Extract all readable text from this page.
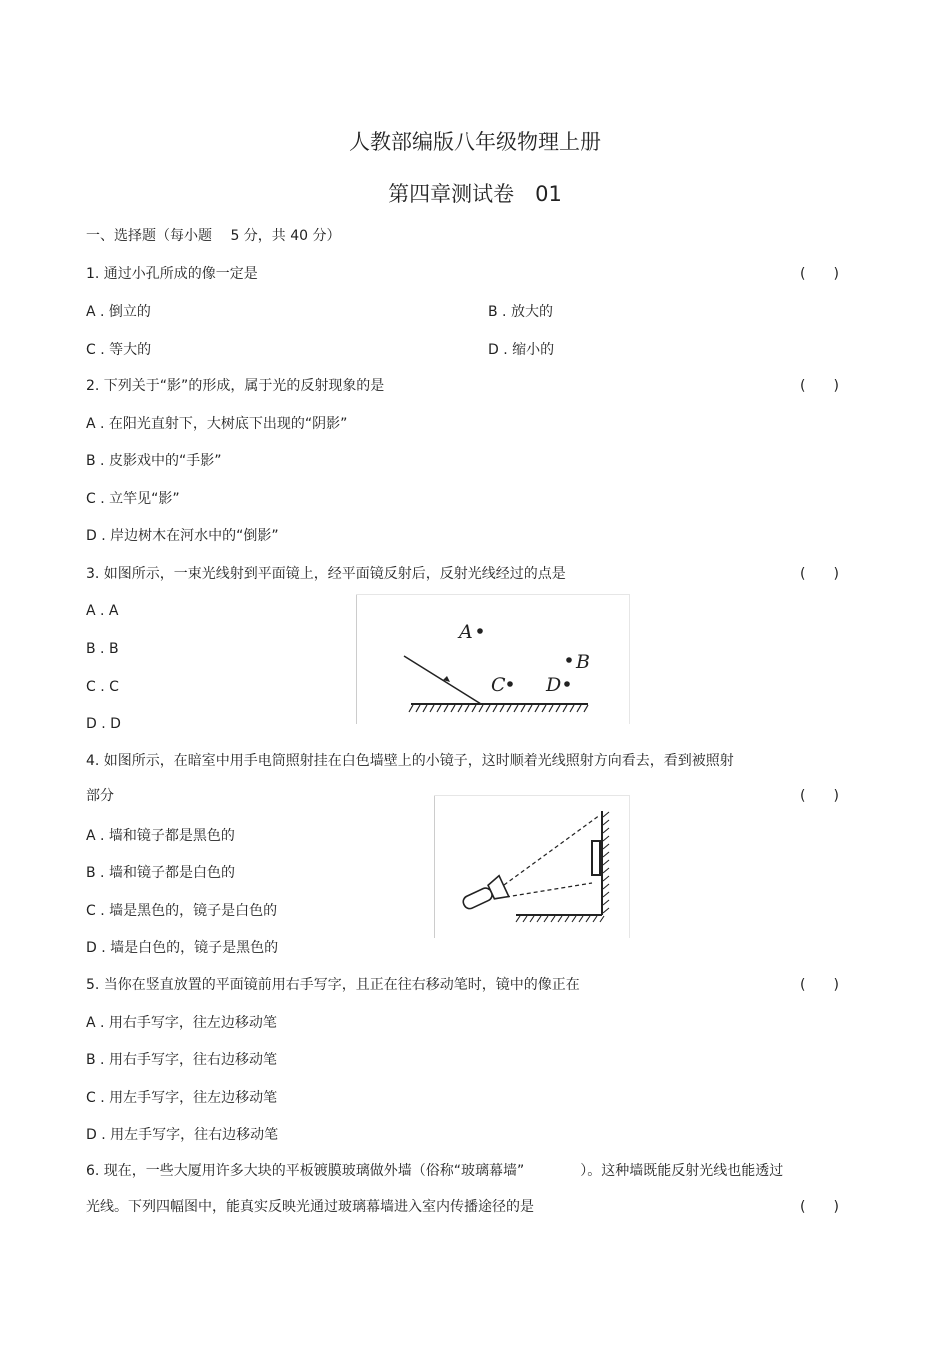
人教部编版八年级物理上册
第四章测试卷　01
一、选择题（每小题　 5 分，共 40 分）
1. 通过小孔所成的像一定是	(　　)
A . 倒立的	B . 放大的
C . 等大的	D . 缩小的
2. 下列关于“影”的形成，属于光的反射现象的是	(　　)
A . 在阳光直射下，大树底下出现的“阴影”
B . 皮影戏中的“手影”
C . 立竿见“影”
D . 岸边树木在河水中的“倒影”
3. 如图所示，一束光线射到平面镜上，经平面镜反射后，反射光线经过的点是	(　　)
A . A
B . B
C . C
D . D
A
B
C D
4. 如图所示，在暗室中用手电筒照射挂在白色墙壁上的小镜子，这时顺着光线照射方向看去，看到被照射
部分	(　　)
A . 墙和镜子都是黑色的
B . 墙和镜子都是白色的
C . 墙是黑色的，镜子是白色的
D . 墙是白色的，镜子是黑色的
5. 当你在竖直放置的平面镜前用右手写字，且正在往右移动笔时，镜中的像正在	(　　)
A . 用右手写字，往左边移动笔
B . 用右手写字，往右边移动笔
C . 用左手写字，往左边移动笔
D . 用左手写字，往右边移动笔
6. 现在，一些大厦用许多大块的平板镀膜玻璃做外墙（俗称“玻璃幕墙”　　　　）。这种墙既能反射光线也能透过
光线。下列四幅图中，能真实反映光通过玻璃幕墙进入室内传播途径的是	(　　)
